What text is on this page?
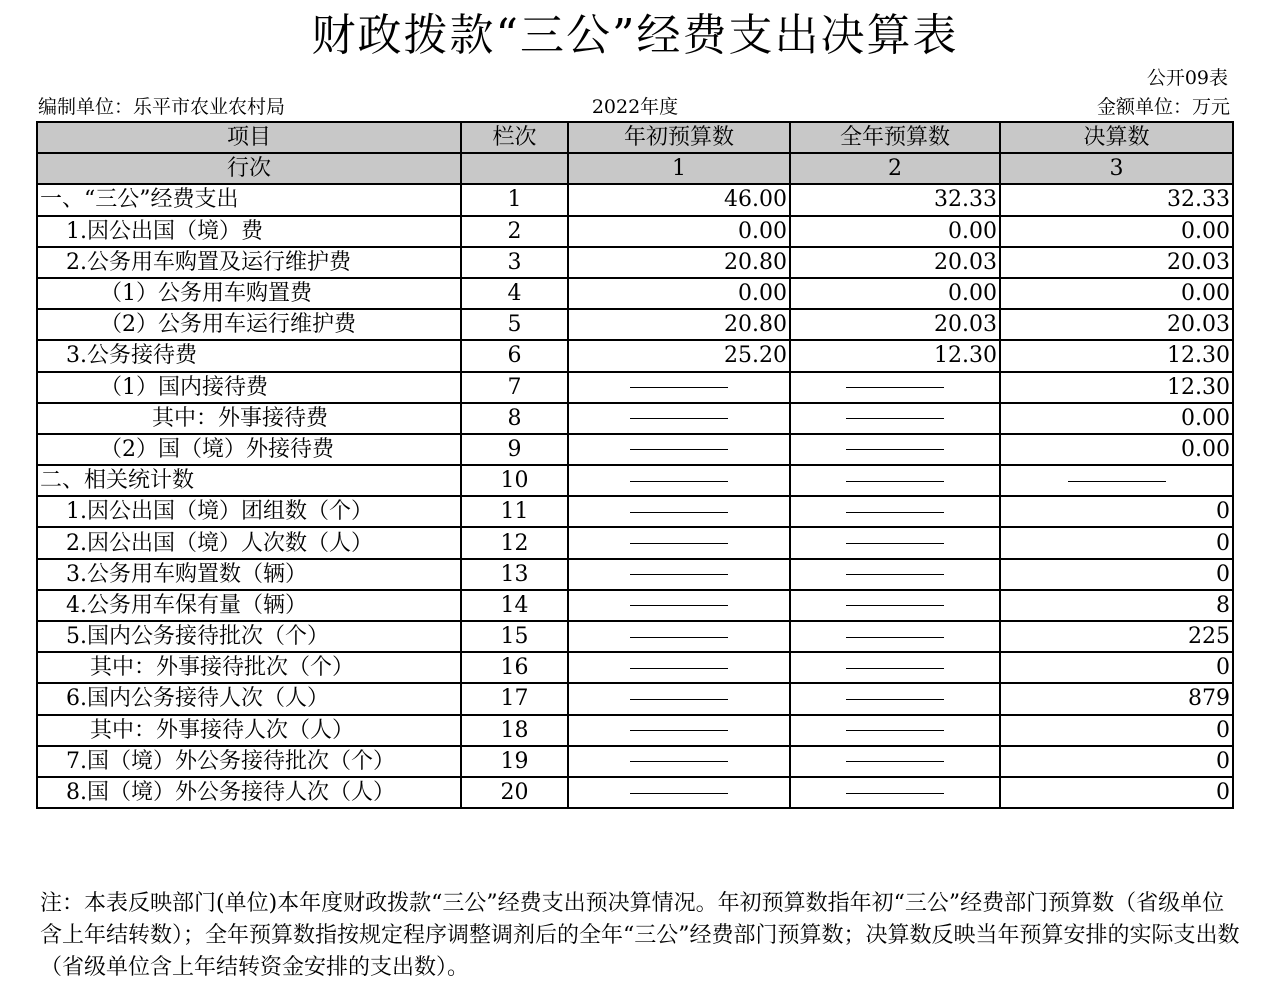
财政拨款“三公”经费支出决算表
公开09表
编制单位：乐平市农业农村局	2022年度	金额单位：万元
项目	栏次	年初预算数	全年预算数	决算数
行次		1	2	3
一、“三公”经费支出	1	46.00	32.33	32.33
1.因公出国（境）费	2	0.00	0.00	0.00
2.公务用车购置及运行维护费	3	20.80	20.03	20.03
（1）公务用车购置费	4	0.00	0.00	0.00
（2）公务用车运行维护费	5	20.80	20.03	20.03
3.公务接待费	6	25.20	12.30	12.30
（1）国内接待费	7			12.30
其中：外事接待费	8			0.00
（2）国（境）外接待费	9			0.00
二、相关统计数	10			
1.因公出国（境）团组数（个）	11			0
2.因公出国（境）人次数（人）	12			0
3.公务用车购置数（辆）	13			0
4.公务用车保有量（辆）	14			8
5.国内公务接待批次（个）	15			225
其中：外事接待批次（个）	16			0
6.国内公务接待人次（人）	17			879
其中：外事接待人次（人）	18			0
7.国（境）外公务接待批次（个）	19			0
8.国（境）外公务接待人次（人）	20			0
注：本表反映部门(单位)本年度财政拨款“三公”经费支出预决算情况。年初预算数指年初“三公”经费部门预算数（省级单位含上年结转数）；全年预算数指按规定程序调整调剂后的全年“三公”经费部门预算数；决算数反映当年预算安排的实际支出数（省级单位含上年结转资金安排的支出数）。
